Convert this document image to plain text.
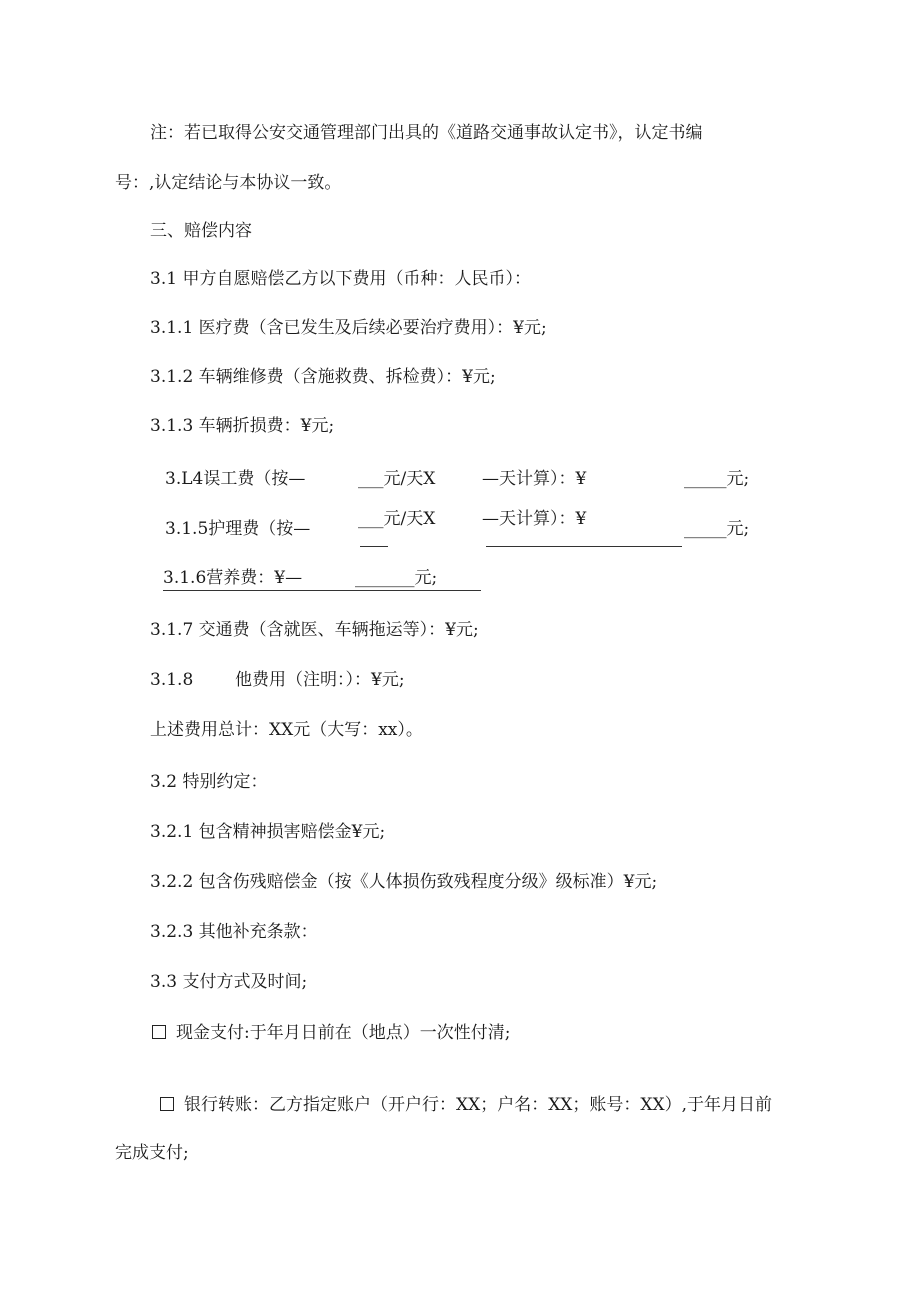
注：若已取得公安交通管理部门出具的《道路交通事故认定书》，认定书编
号：,认定结论与本协议一致。
三、赔偿内容
3.1 甲方自愿赔偿乙方以下费用（币种：人民币）：
3.1.1 医疗费（含已发生及后续必要治疗费用）：¥元;
3.1.2 车辆维修费（含施救费、拆检费）：¥元;
3.1.3 车辆折损费：¥元;
3.L4误工费（按—	___元/天X	—天计算）：¥	_____元;
3.1.5护理费（按—	___元/天X	—天计算）：¥	_____元;
3.1.6营养费：¥—	_______元;
3.1.7 交通费（含就医、车辆拖运等）：¥元;
3.1.8 他费用（注明：）：¥元;
上述费用总计：XX元（大写：xx）。
3.2 特别约定：
3.2.1 包含精神损害赔偿金¥元;
3.2.2 包含伤残赔偿金（按《人体损伤致残程度分级》级标准）¥元;
3.2.3 其他补充条款：
3.3 支付方式及时间;
现金支付:于年月日前在（地点）一次性付清;
银行转账：乙方指定账户（开户行：XX；户名：XX；账号：XX）,于年月日前
完成支付;
